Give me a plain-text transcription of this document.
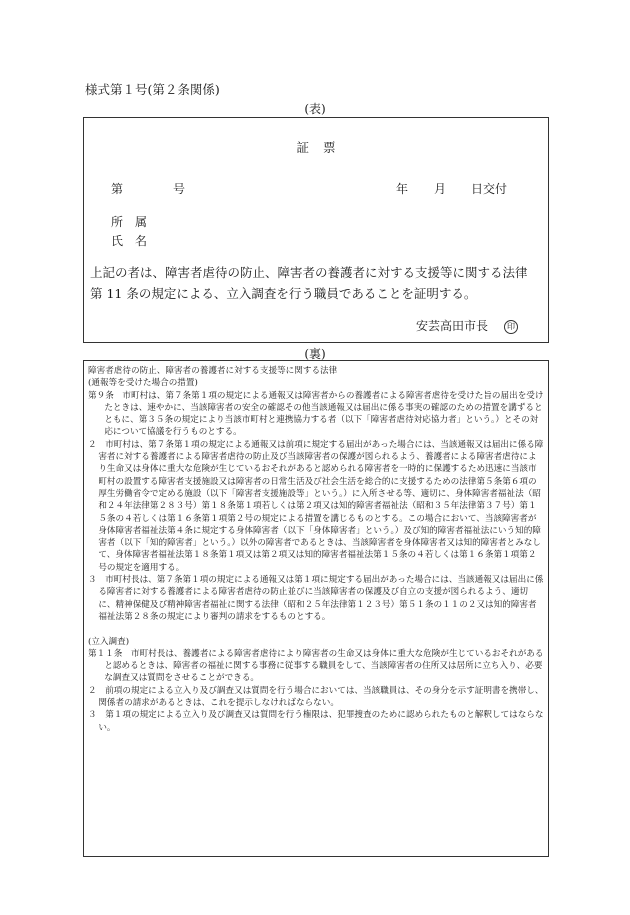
様式第１号(第２条関係)
(表)
証票
第	号	年 月 日交付
所　属
氏　名
上記の者は、障害者虐待の防止、障害者の養護者に対する支援等に関する法律第 11 条の規定による、立入調査を行う職員であることを証明する。
安芸高田市長 印
(裏)

障害者虐待の防止、障害者の養護者に対する支援等に関する法律

(通報等を受けた場合の措置)

第９条　市町村は、第７条第１項の規定による通報又は障害者からの養護者による障害者虐待を受けた旨の届出を受けたときは、速やかに、当該障害者の安全の確認その他当該通報又は届出に係る事実の確認のための措置を講ずるとともに、第３５条の規定により当該市町村と連携協力する者（以下「障害者虐待対応協力者」という。）とその対応について協議を行うものとする。

２　市町村は、第７条第１項の規定による通報又は前項に規定する届出があった場合には、当該通報又は届出に係る障害者に対する養護者による障害者虐待の防止及び当該障害者の保護が図られるよう、養護者による障害者虐待により生命又は身体に重大な危険が生じているおそれがあると認められる障害者を一時的に保護するため迅速に当該市町村の設置する障害者支援施設又は障害者の日常生活及び社会生活を総合的に支援するための法律第５条第６項の厚生労働省令で定める施設（以下「障害者支援施設等」という。）に入所させる等、適切に、身体障害者福祉法（昭和２４年法律第２８３号）第１８条第１項若しくは第２項又は知的障害者福祉法（昭和３５年法律第３７号）第１５条の４若しくは第１６条第１項第２号の規定による措置を講じるものとする。この場合において、当該障害者が身体障害者福祉法第４条に規定する身体障害者（以下「身体障害者」という。）及び知的障害者福祉法にいう知的障害者（以下「知的障害者」という。）以外の障害者であるときは、当該障害者を身体障害者又は知的障害者とみなして、身体障害者福祉法第１８条第１項又は第２項又は知的障害者福祉法第１５条の４若しくは第１６条第１項第２号の規定を適用する。

３　市町村長は、第７条第１項の規定による通報又は第１項に規定する届出があった場合には、当該通報又は届出に係る障害者に対する養護者による障害者虐待の防止並びに当該障害者の保護及び自立の支援が図られるよう、適切に、精神保健及び精神障害者福祉に関する法律（昭和２５年法律第１２３号）第５１条の１１の２又は知的障害者福祉法第２８条の規定により審判の請求をするものとする。

(立入調査)

第１１条　市町村長は、養護者による障害者虐待により障害者の生命又は身体に重大な危険が生じているおそれがあると認めるときは、障害者の福祉に関する事務に従事する職員をして、当該障害者の住所又は居所に立ち入り、必要な調査又は質問をさせることができる。

２　前項の規定による立入り及び調査又は質問を行う場合においては、当該職員は、その身分を示す証明書を携帯し、関係者の請求があるときは、これを提示しなければならない。

３　第１項の規定による立入り及び調査又は質問を行う権限は、犯罪捜査のために認められたものと解釈してはならない。
